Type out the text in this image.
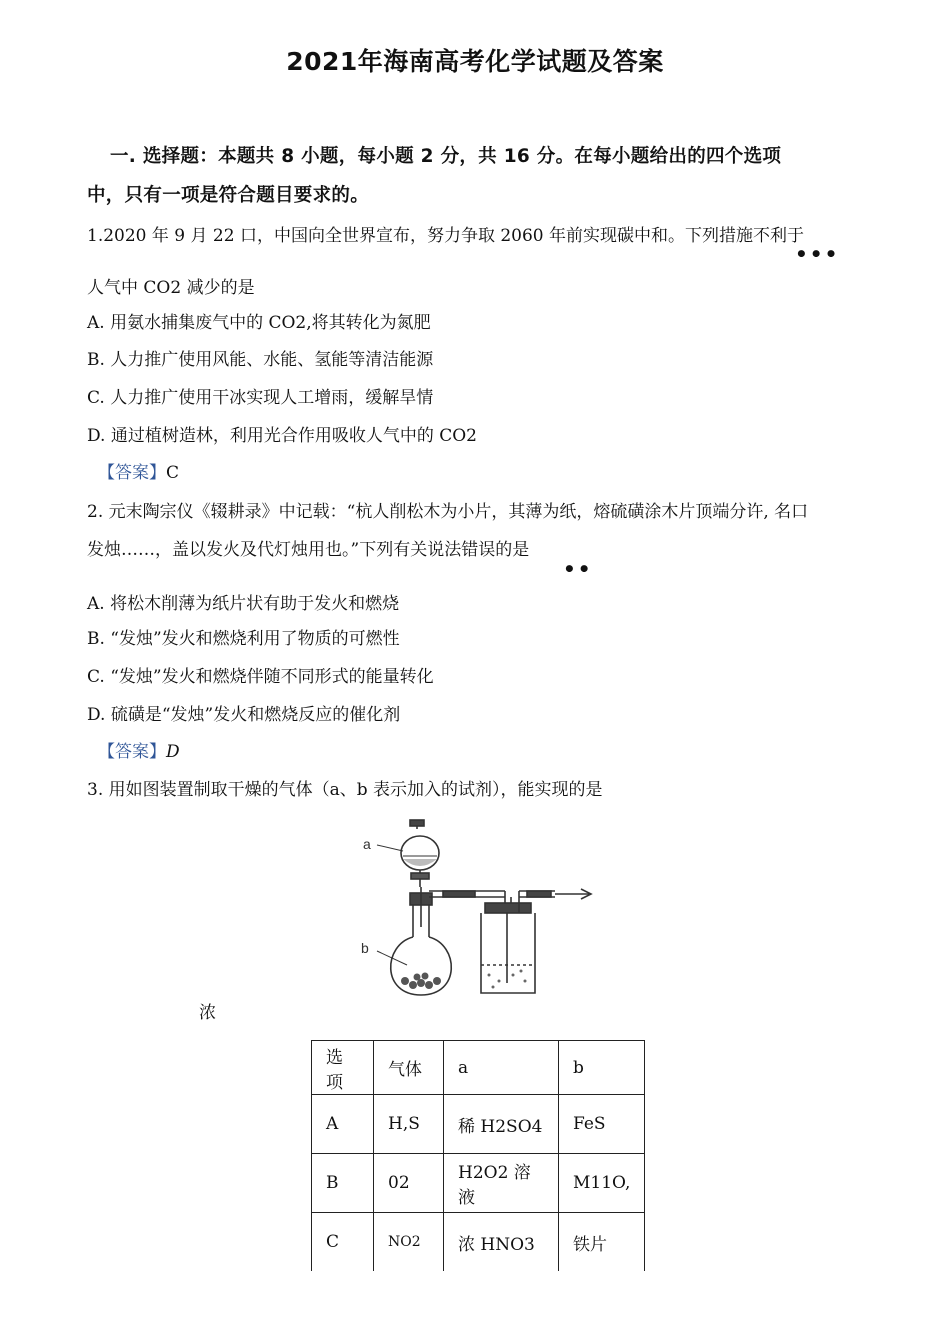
2021年海南高考化学试题及答案
一. 选择题：本题共 8 小题，每小题 2 分，共 16 分。在每小题给出的四个选项
中，只有一项是符合题目要求的。
1.2020 年 9 月 22 口，中国向全世界宣布，努力争取 2060 年前实现碳中和。下列措施不利于
•••
人气中 CO2 减少的是
A. 用氨水捕集废气中的 CO2,将其转化为氮肥
B. 人力推广使用风能、水能、氢能等清洁能源
C. 人力推广使用干冰实现人工增雨，缓解旱情
D. 通过植树造林，利用光合作用吸收人气中的 CO2
【答案】C
2. 元末陶宗仪《辍耕录》中记载：“杭人削松木为小片，其薄为纸，熔硫磺涂木片顶端分许, 名口
发烛……，盖以发火及代灯烛用也。”下列有关说法错误的是
••
A. 将松木削薄为纸片状有助于发火和燃烧
B. “发烛”发火和燃烧利用了物质的可燃性
C. “发烛”发火和燃烧伴随不同形式的能量转化
D. 硫磺是“发烛”发火和燃烧反应的催化剂
【答案】D
3. 用如图装置制取干燥的气体（a、b 表示加入的试剂），能实现的是
a
b
浓
选项	气体	a	b
A	H,S	稀 H2SO4	FeS
B	02	H2O2 溶液	M11O,
C	NO2	浓 HNO3	铁片
